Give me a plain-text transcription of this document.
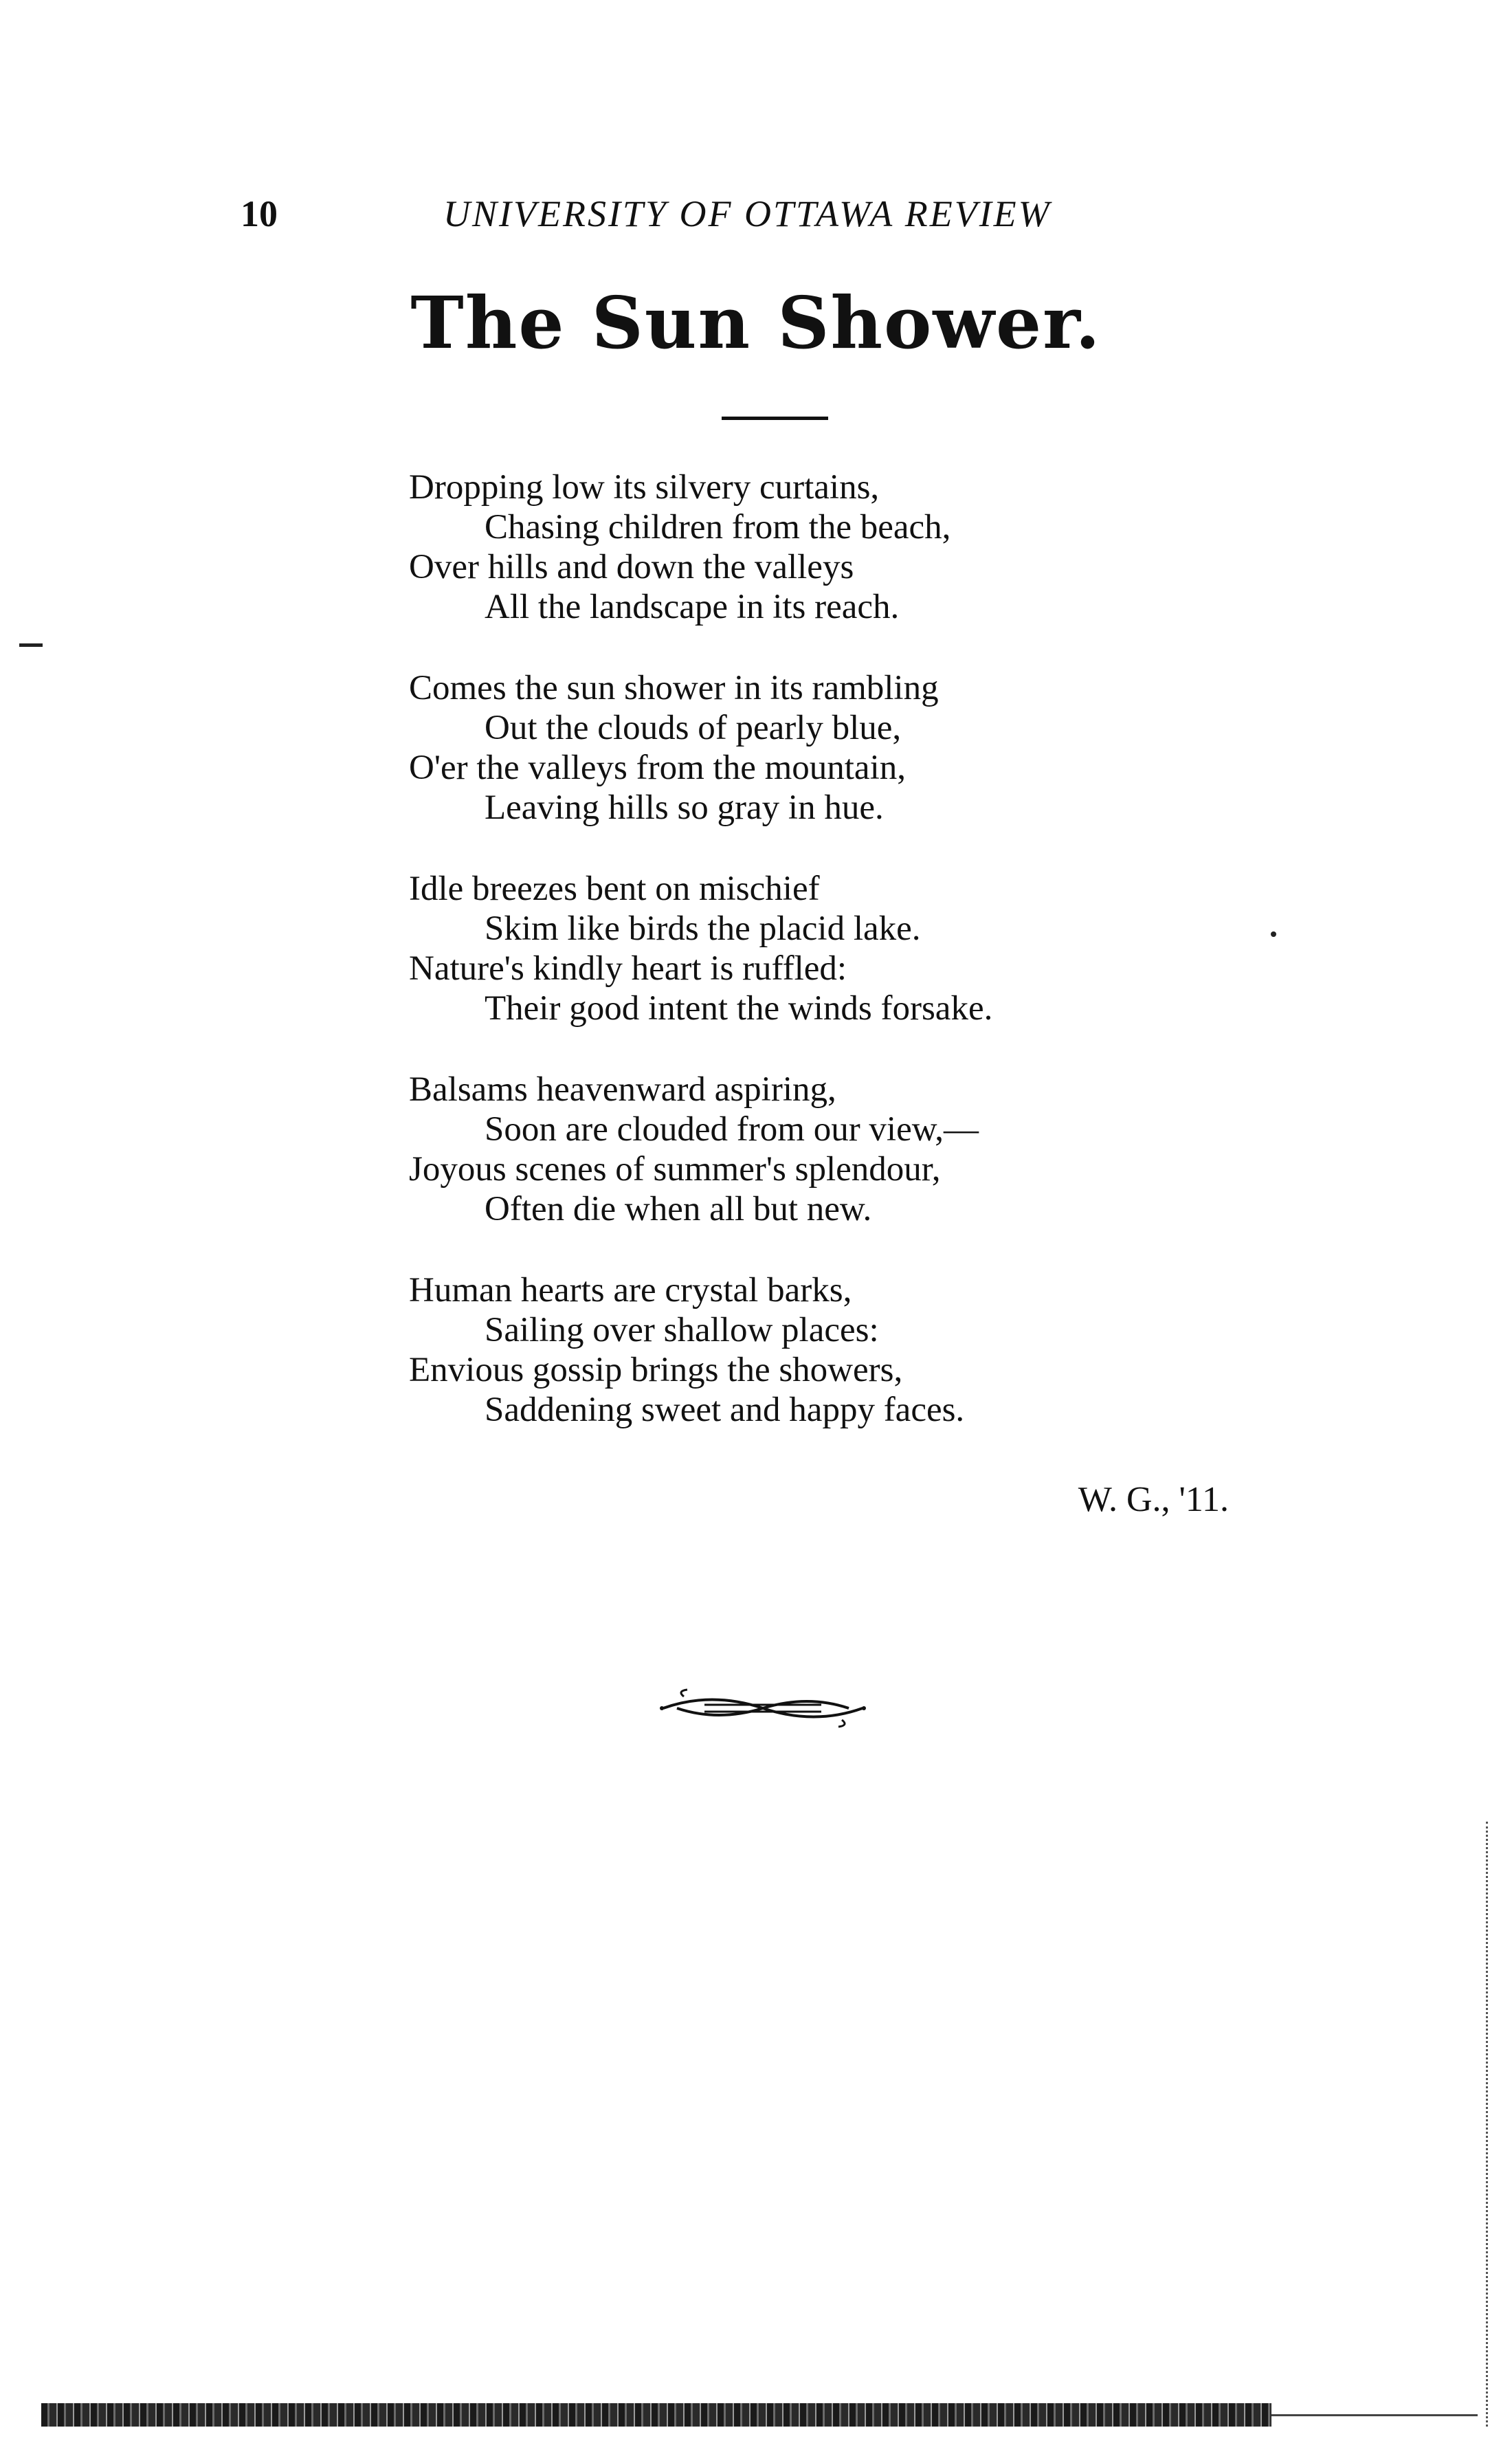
10	UNIVERSITY OF OTTAWA REVIEW
The Sun Shower.
Dropping low its silvery curtains,
Chasing children from the beach,
Over hills and down the valleys
All the landscape in its reach.
Comes the sun shower in its rambling
Out the clouds of pearly blue,
O'er the valleys from the mountain,
Leaving hills so gray in hue.
Idle breezes bent on mischief
Skim like birds the placid lake.
Nature's kindly heart is ruffled:
Their good intent the winds forsake.
Balsams heavenward aspiring,
Soon are clouded from our view,—
Joyous scenes of summer's splendour,
Often die when all but new.
Human hearts are crystal barks,
Sailing over shallow places:
Envious gossip brings the showers,
Saddening sweet and happy faces.
W. G., '11.
